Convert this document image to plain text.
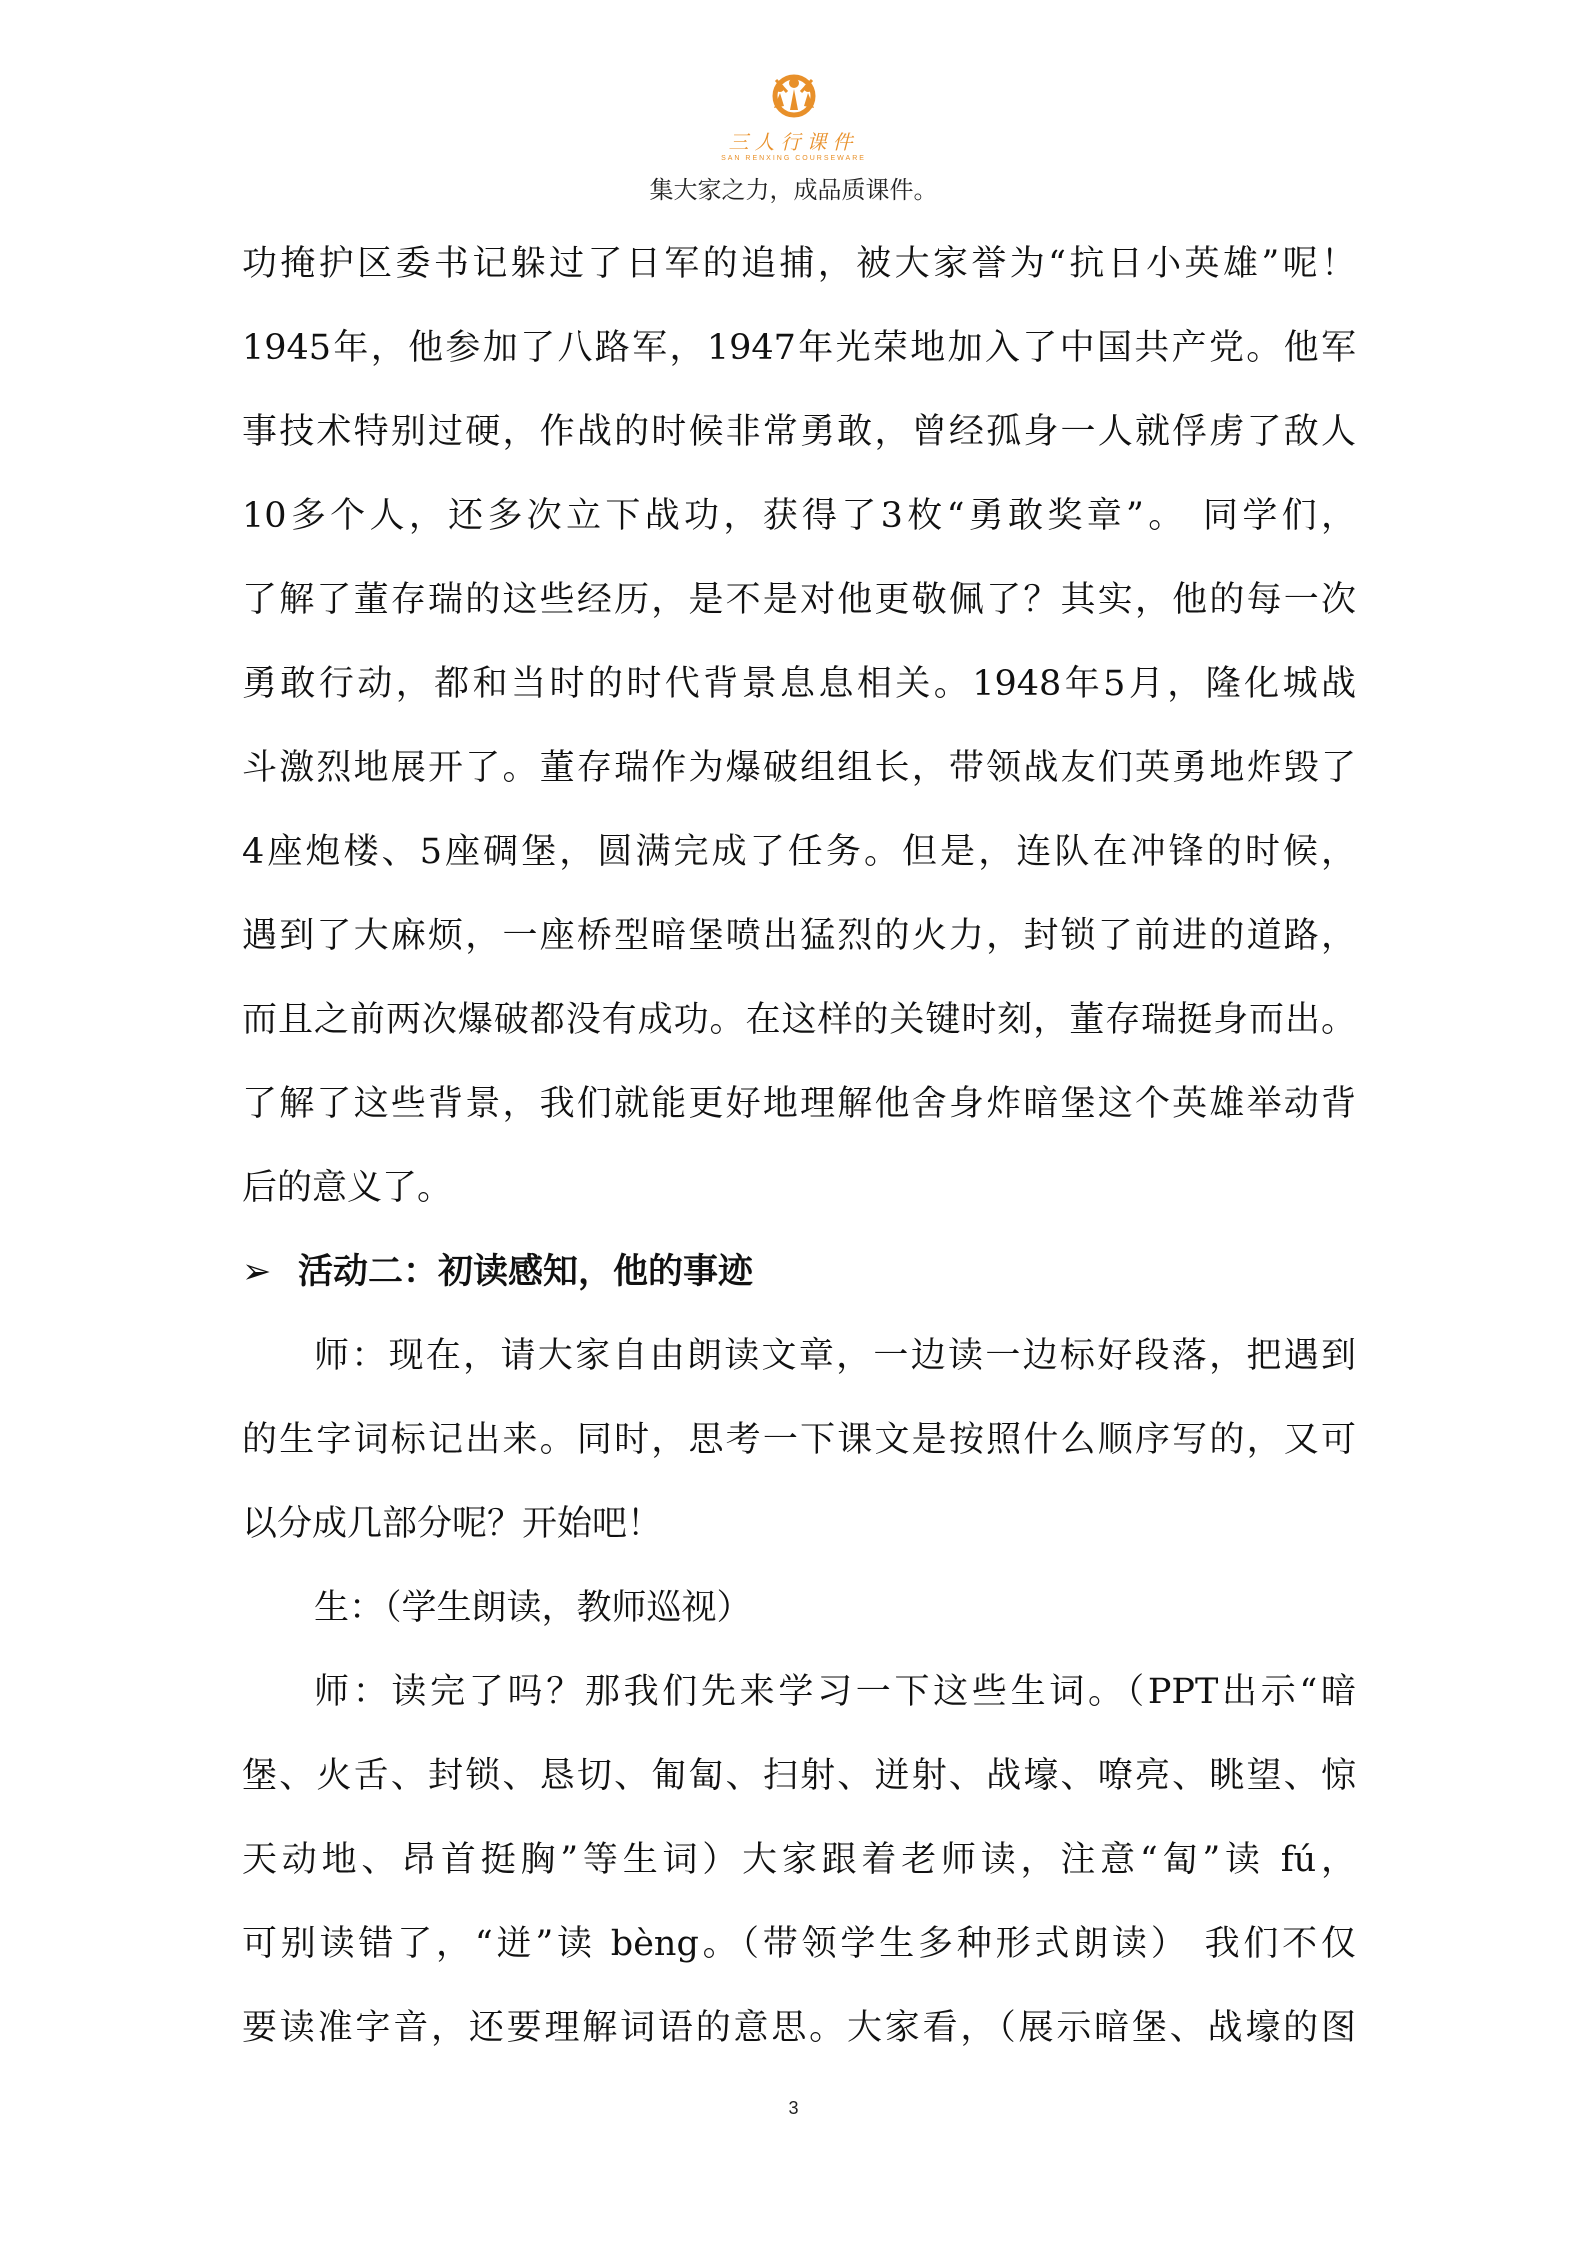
三人行课件
SAN RENXING COURSEWARE
集大家之力，成品质课件。
功掩护区委书记躲过了日军的追捕，被大家誉为“抗日小英雄”呢！
1945年，他参加了八路军，1947年光荣地加入了中国共产党。他军
事技术特别过硬，作战的时候非常勇敢，曾经孤身一人就俘虏了敌人
10多个人，还多次立下战功，获得了3枚“勇敢奖章”。 同学们，
了解了董存瑞的这些经历，是不是对他更敬佩了？其实，他的每一次
勇敢行动，都和当时的时代背景息息相关。1948年5月，隆化城战
斗激烈地展开了。董存瑞作为爆破组组长，带领战友们英勇地炸毁了
4座炮楼、5座碉堡，圆满完成了任务。但是，连队在冲锋的时候，
遇到了大麻烦，一座桥型暗堡喷出猛烈的火力，封锁了前进的道路，
而且之前两次爆破都没有成功。在这样的关键时刻，董存瑞挺身而出。
了解了这些背景，我们就能更好地理解他舍身炸暗堡这个英雄举动背
后的意义了。
➢ 活动二：初读感知，他的事迹
师：现在，请大家自由朗读文章，一边读一边标好段落，把遇到
的生字词标记出来。同时，思考一下课文是按照什么顺序写的，又可
以分成几部分呢？开始吧！
生：（学生朗读，教师巡视）
师：读完了吗？那我们先来学习一下这些生词。（PPT出示“暗
堡、火舌、封锁、恳切、匍匐、扫射、迸射、战壕、嘹亮、眺望、惊
天动地、昂首挺胸”等生词）大家跟着老师读，注意“匐”读 fú，
可别读错了，“迸”读 bèng。（带领学生多种形式朗读） 我们不仅
要读准字音，还要理解词语的意思。大家看，（展示暗堡、战壕的图
3
